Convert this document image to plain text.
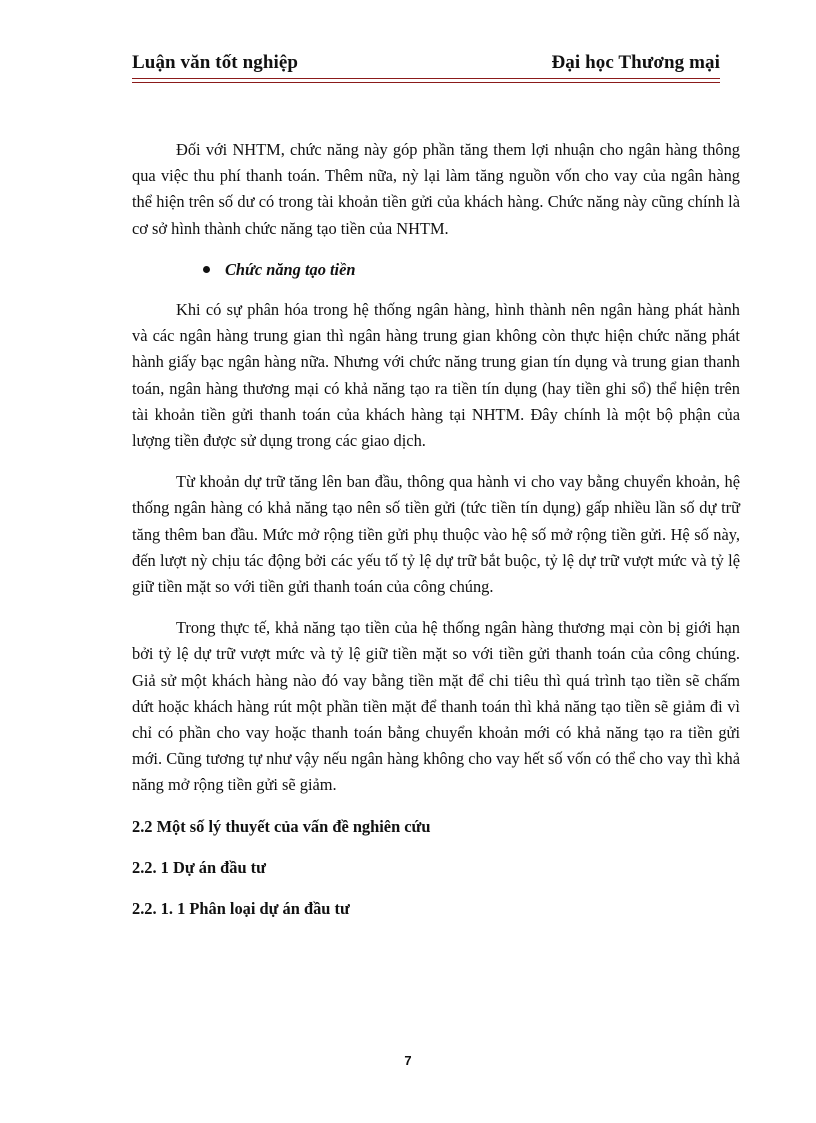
Luận văn tốt nghiệp	Đại học Thương mại

Đối với NHTM, chức năng này góp phần tăng them lợi nhuận cho ngân hàng thông qua việc thu phí thanh toán. Thêm nữa, nỳ lại làm tăng nguồn vốn cho vay của ngân hàng thể hiện trên số dư có trong tài khoản tiền gửi của khách hàng. Chức năng này cũng chính là cơ sở hình thành chức năng tạo tiền của NHTM.

Chức năng tạo tiền

Khi có sự phân hóa trong hệ thống ngân hàng, hình thành nên ngân hàng phát hành và các ngân hàng trung gian thì ngân hàng trung gian không còn thực hiện chức năng phát hành giấy bạc ngân hàng nữa. Nhưng với chức năng trung gian tín dụng và trung gian thanh toán, ngân hàng thương mại có khả năng tạo ra tiền tín dụng (hay tiền ghi sổ) thể hiện trên tài khoản tiền gửi thanh toán của khách hàng tại NHTM. Đây chính là một bộ phận của lượng tiền được sử dụng trong các giao dịch.

Từ khoản dự trữ tăng lên ban đầu, thông qua hành vi cho vay bằng chuyển khoản, hệ thống ngân hàng có khả năng tạo nên số tiền gửi (tức tiền tín dụng) gấp nhiều lần số dự trữ tăng thêm ban đầu. Mức mở rộng tiền gửi phụ thuộc vào hệ số mở rộng tiền gửi. Hệ số này, đến lượt nỳ chịu tác động bởi các yếu tố tỷ lệ dự trữ bắt buộc, tỷ lệ dự trữ vượt mức và tỷ lệ giữ tiền mặt so với tiền gửi thanh toán của công chúng.

Trong thực tế, khả năng tạo tiền của hệ thống ngân hàng thương mại còn bị giới hạn bởi tỷ lệ dự trữ vượt mức và tỷ lệ giữ tiền mặt so với tiền gửi thanh toán của công chúng. Giả sử một khách hàng nào đó vay bằng tiền mặt để chi tiêu thì quá trình tạo tiền sẽ chấm dứt hoặc khách hàng rút một phần tiền mặt để thanh toán thì khả năng tạo tiền sẽ giảm đi vì chỉ có phần cho vay hoặc thanh toán bằng chuyển khoản mới có khả năng tạo ra tiền gửi mới. Cũng tương tự như vậy nếu ngân hàng không cho vay hết số vốn có thể cho vay thì khả năng mở rộng tiền gửi sẽ giảm.

2.2 Một số lý thuyết của vấn đề nghiên cứu
2.2. 1 Dự án đầu tư
2.2. 1. 1 Phân loại dự án đầu tư
7
